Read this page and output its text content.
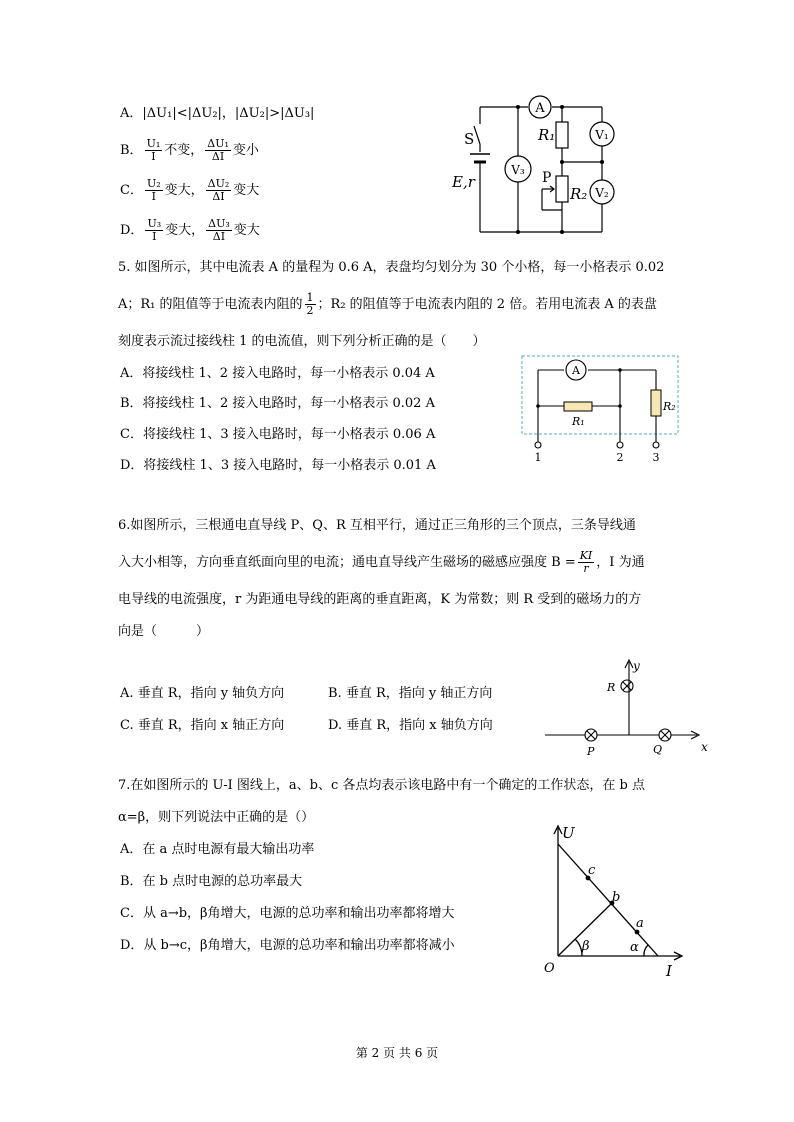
A．|ΔU₁|<|ΔU₂|，|ΔU₂|>|ΔU₃|
B． $\frac{\text{U₁}}{I}$ 不变， $\frac{\text{ΔU₁}}{\Delta I}$ 变小
C． $\frac{\text{U₂}}{I}$ 变大， $\frac{\text{ΔU₂}}{\Delta I}$ 变大
D． $\frac{\text{U₃}}{I}$ 变大， $\frac{\text{ΔU₃}}{\Delta I}$ 变大
A
S
E,r
V₃
V₁
V₂
R₁
R₂
P
5. 如图所示，其中电流表 A 的量程为 0.6 A，表盘均匀划分为 30 个小格，每一小格表示 0.02
A；R₁ 的阻值等于电流表内阻的 $\frac{1}{2}$ ；R₂ 的阻值等于电流表内阻的 2 倍。若用电流表 A 的表盘
刻度表示流过接线柱 1 的电流值，则下列分析正确的是（　　）
A．将接线柱 1、2 接入电路时，每一小格表示 0.04 A
B．将接线柱 1、2 接入电路时，每一小格表示 0.02 A
C．将接线柱 1、3 接入电路时，每一小格表示 0.06 A
D．将接线柱 1、3 接入电路时，每一小格表示 0.01 A
A
R₁
R₂
1	2	3
6.如图所示，三根通电直导线 P、Q、R 互相平行，通过正三角形的三个顶点，三条导线通
入大小相等，方向垂直纸面向里的电流；通电直导线产生磁场的磁感应强度 $B = \frac{KI}{r}$ ，I 为通
电导线的电流强度，r 为距通电导线的距离的垂直距离，K 为常数；则 R 受到的磁场力的方
向是（　　　）
A. 垂直 R，指向 y 轴负方向	B. 垂直 R，指向 y 轴正方向
C. 垂直 R，指向 x 轴正方向	D. 垂直 R，指向 x 轴负方向
y
x
R
P	Q
7.在如图所示的 U-I 图线上，a、b、c 各点均表示该电路中有一个确定的工作状态，在 b 点
α=β，则下列说法中正确的是（）
A．在 a 点时电源有最大输出功率
B．在 b 点时电源的总功率最大
C．从 a→b，β角增大，电源的总功率和输出功率都将增大
D．从 b→c，β角增大，电源的总功率和输出功率都将减小
U
I
O
c
b
a
α
β
第 2 页 共 6 页
